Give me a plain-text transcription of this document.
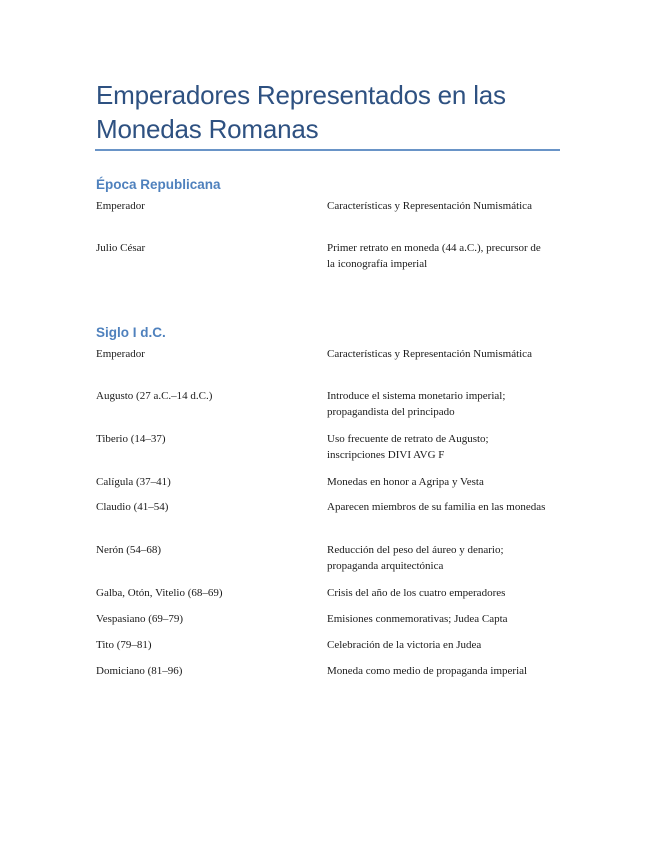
Emperadores Representados en las
Monedas Romanas
Época Republicana
Emperador	Características y Representación Numismática
Julio César	Primer retrato en moneda (44 a.C.), precursor de la iconografía imperial
Siglo I d.C.
Emperador	Características y Representación Numismática
Augusto (27 a.C.–14 d.C.)	Introduce el sistema monetario imperial; propagandista del principado
Tiberio (14–37)	Uso frecuente de retrato de Augusto; inscripciones DIVI AVG F
Calígula (37–41)	Monedas en honor a Agripa y Vesta
Claudio (41–54)	Aparecen miembros de su familia en las monedas
Nerón (54–68)	Reducción del peso del áureo y denario; propaganda arquitectónica
Galba, Otón, Vitelio (68–69)	Crisis del año de los cuatro emperadores
Vespasiano (69–79)	Emisiones conmemorativas; Judea Capta
Tito (79–81)	Celebración de la victoria en Judea
Domiciano (81–96)	Moneda como medio de propaganda imperial
